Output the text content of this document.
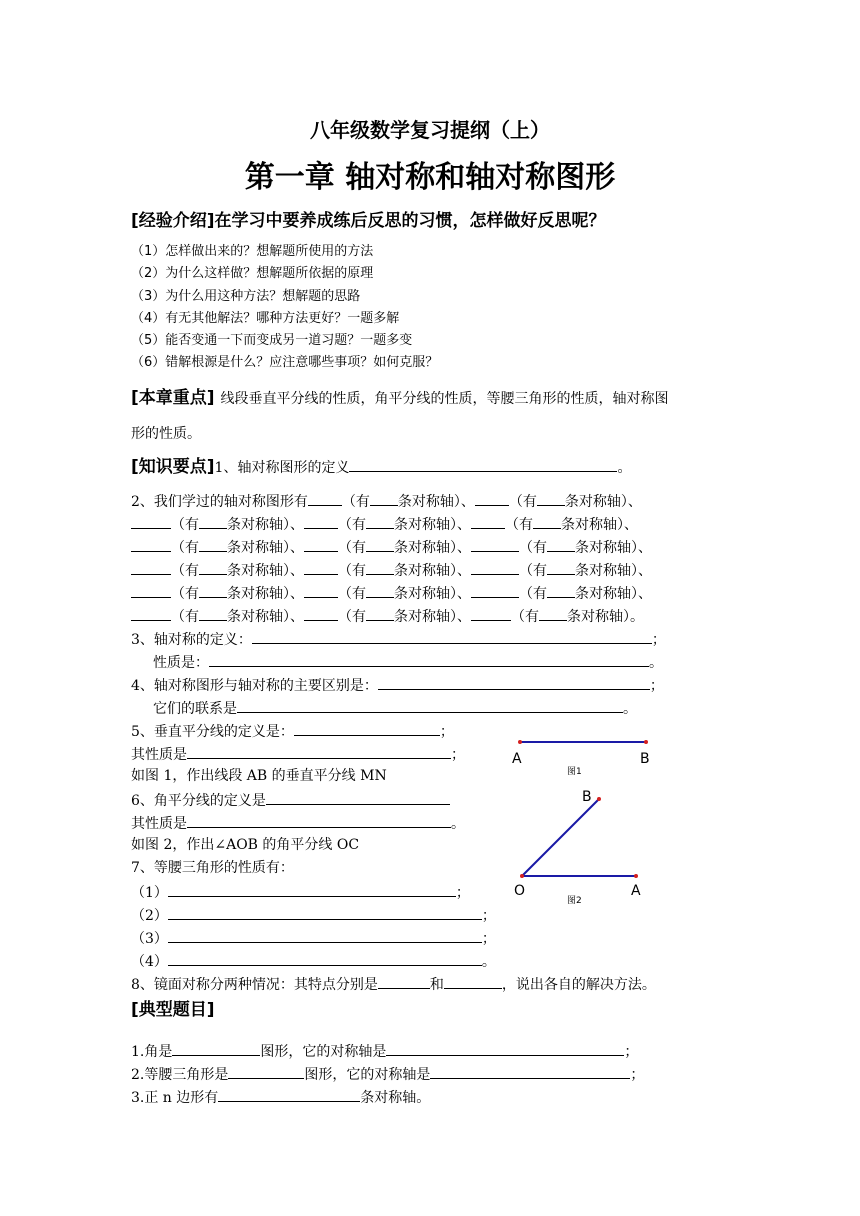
八年级数学复习提纲（上）
第一章 轴对称和轴对称图形
[经验介绍]在学习中要养成练后反思的习惯，怎样做好反思呢？
（1）怎样做出来的？想解题所使用的方法
（2）为什么这样做？想解题所依据的原理
（3）为什么用这种方法？想解题的思路
（4）有无其他解法？哪种方法更好？一题多解
（5）能否变通一下而变成另一道习题？一题多变
（6）错解根源是什么？应注意哪些事项？如何克服？
[本章重点] 线段垂直平分线的性质，角平分线的性质，等腰三角形的性质，轴对称图
形的性质。
[知识要点]1、轴对称图形的定义	。
2、我们学过的轴对称图形有 （有 条对称轴）、 （有 条对称轴）、
（有 条对称轴）、 （有 条对称轴）、 （有 条对称轴）、
（有 条对称轴）、 （有 条对称轴）、	（有 条对称轴）、
（有 条对称轴）、 （有 条对称轴）、	（有 条对称轴）、
（有 条对称轴）、 （有 条对称轴）、	（有 条对称轴）、
（有 条对称轴）、 （有 条对称轴）、	（有 条对称轴）。
3、轴对称的定义：	；
性质是：	。
4、轴对称图形与轴对称的主要区别是：	；
它们的联系是	。
5、垂直平分线的定义是：	；
其性质是	；
如图 1，作出线段 AB 的垂直平分线 MN
6、角平分线的定义是
其性质是	。
如图 2，作出∠AOB 的角平分线 OC
7、等腰三角形的性质有：
（1）	；
（2）	；
（3）	；
（4）	。
8、镜面对称分两种情况：其特点分别是	和	，说出各自的解决方法。
[典型题目]
1.角是	图形，它的对称轴是	；
2.等腰三角形是	图形，它的对称轴是	；
3.正 n 边形有	条对称轴。
A	B
图1
B
O	A
图2
